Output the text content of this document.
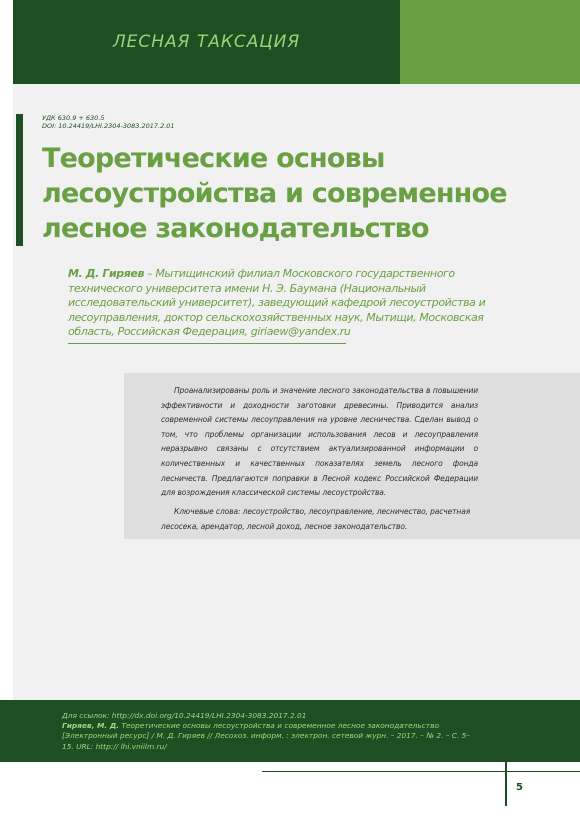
ЛЕСНАЯ ТАКСАЦИЯ
УДК 630.9 + 630.5
DOI: 10.24419/LHI.2304-3083.2017.2.01
Теоретические основы лесоустройства и современное лесное законодательство
М. Д. Гиряев – Мытищинский филиал Московского государственного технического университета имени Н. Э. Баумана (Национальный исследовательский университет), заведующий кафедрой лесоустройства и лесоуправления, доктор сельскохозяйственных наук, Мытищи, Московская область, Российская Федерация, giriaew@yandex.ru
Проанализированы роль и значение лесного законодательства в повышении эффективности и доходности заготовки древесины. Приводится анализ современной системы лесоуправления на уровне лесничества. Сделан вывод о том, что проблемы организации использования лесов и лесоуправления неразрывно связаны с отсутствием актуализированной информации о количественных и качественных показателях земель лесного фонда лесничеств. Предлагаются поправки в Лесной кодекс Российской Федерации для возрождения классической системы лесоустройства.
Ключевые слова: лесоустройство, лесоуправление, лесничество, расчетная лесосека, арендатор, лесной доход, лесное законодательство.
Для ссылок: http://dx.doi.org/10.24419/LHI.2304-3083.2017.2.01
Гиряев, М. Д. Теоретические основы лесоустройства и современное лесное законодательство [Электронный ресурс] / М. Д. Гиряев // Лесохоз. информ. : электрон. сетевой журн. – 2017. – № 2. – С. 5–15. URL: http:// lhi.vniilm.ru/
5
